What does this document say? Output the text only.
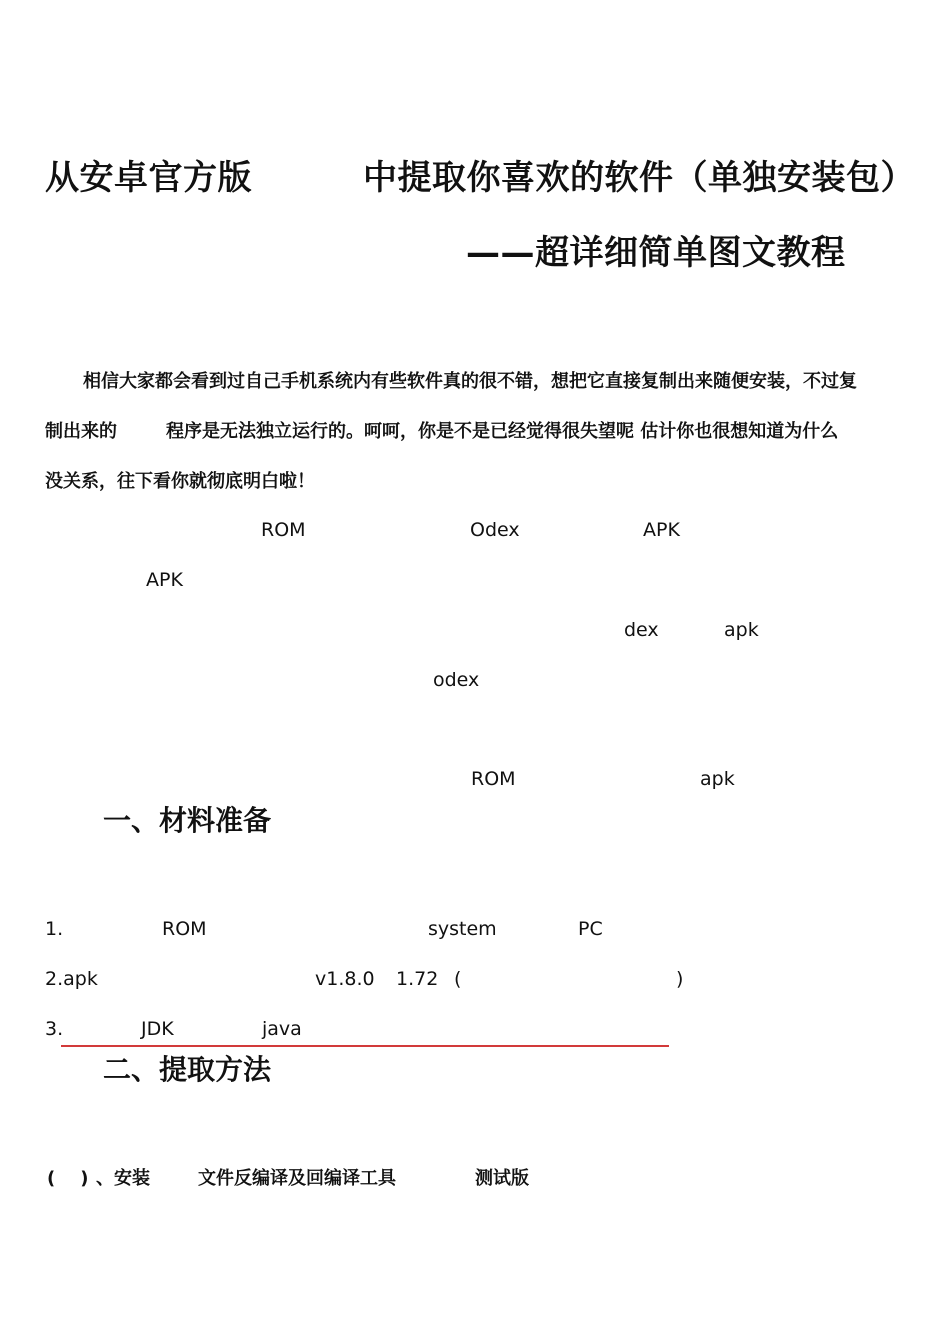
从安卓官方版	中提取你喜欢的软件（单独安装包）
——超详细简单图文教程
相信大家都会看到过自己手机系统内有些软件真的很不错，想把它直接复制出来随便安装，不过复
制出来的	程序是无法独立运行的。呵呵，你是不是已经觉得很失望呢 估计你也很想知道为什么
没关系，往下看你就彻底明白啦！
ROM	Odex	APK
APK
dex	apk
odex
ROM	apk
一、材料准备
1.	ROM	system	PC
2.apk	v1.8.0 1.72 (	)
3.	JDK	java
二、提取方法
(    ) 、安装	文件反编译及回编译工具	测试版
